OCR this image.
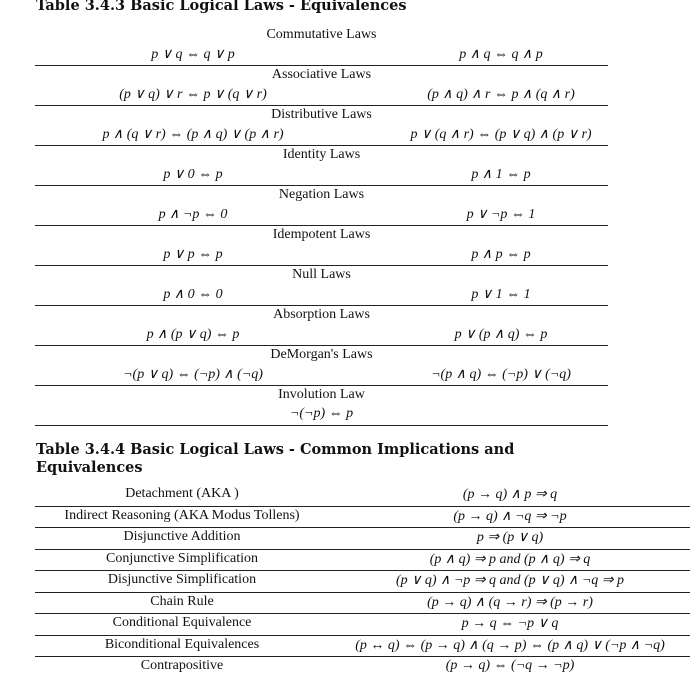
Table 3.4.3 Basic Logical Laws - Equivalences
Commutative Laws
p ∨ q ⇔ q ∨ p	p ∧ q ⇔ q ∧ p
Associative Laws
(p ∨ q) ∨ r ⇔ p ∨ (q ∨ r)	(p ∧ q) ∧ r ⇔ p ∧ (q ∧ r)
Distributive Laws
p ∧ (q ∨ r) ⇔ (p ∧ q) ∨ (p ∧ r)	p ∨ (q ∧ r) ⇔ (p ∨ q) ∧ (p ∨ r)
Identity Laws
p ∨ 0 ⇔ p	p ∧ 1 ⇔ p
Negation Laws
p ∧ ¬p ⇔ 0	p ∨ ¬p ⇔ 1
Idempotent Laws
p ∨ p ⇔ p	p ∧ p ⇔ p
Null Laws
p ∧ 0 ⇔ 0	p ∨ 1 ⇔ 1
Absorption Laws
p ∧ (p ∨ q) ⇔ p	p ∨ (p ∧ q) ⇔ p
DeMorgan's Laws
¬(p ∨ q) ⇔ (¬p) ∧ (¬q)	¬(p ∧ q) ⇔ (¬p) ∨ (¬q)
Involution Law
¬(¬p) ⇔ p
Table 3.4.4 Basic Logical Laws - Common Implications and Equivalences
Detachment (AKA )	(p → q) ∧ p ⇒ q
Indirect Reasoning (AKA Modus Tollens)	(p → q) ∧ ¬q ⇒ ¬p
Disjunctive Addition	p ⇒ (p ∨ q)
Conjunctive Simplification	(p ∧ q) ⇒ p and (p ∧ q) ⇒ q
Disjunctive Simplification	(p ∨ q) ∧ ¬p ⇒ q and (p ∨ q) ∧ ¬q ⇒ p
Chain Rule	(p → q) ∧ (q → r) ⇒ (p → r)
Conditional Equivalence	p → q ⇔ ¬p ∨ q
Biconditional Equivalences	(p ↔ q) ⇔ (p → q) ∧ (q → p) ⇔ (p ∧ q) ∨ (¬p ∧ ¬q)
Contrapositive	(p → q) ⇔ (¬q → ¬p)
